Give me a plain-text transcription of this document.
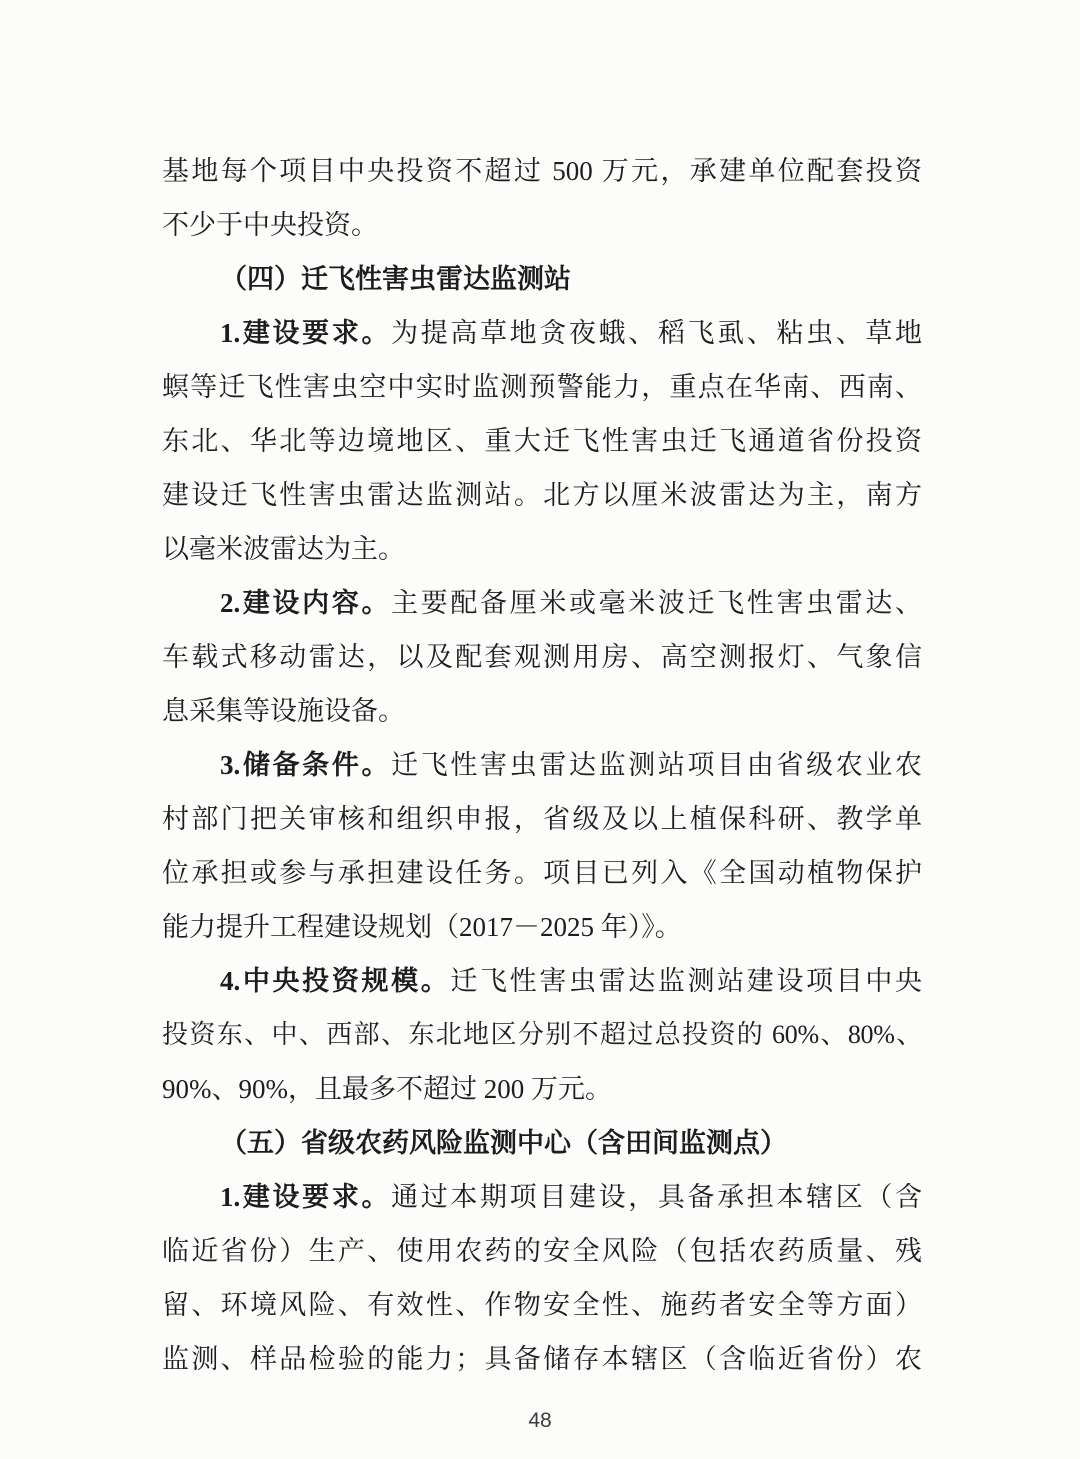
基地每个项目中央投资不超过 500 万元，承建单位配套投资
不少于中央投资。
（四）迁飞性害虫雷达监测站
1.建设要求。为提高草地贪夜蛾、稻飞虱、粘虫、草地
螟等迁飞性害虫空中实时监测预警能力，重点在华南、西南、
东北、华北等边境地区、重大迁飞性害虫迁飞通道省份投资
建设迁飞性害虫雷达监测站。北方以厘米波雷达为主，南方
以毫米波雷达为主。
2.建设内容。主要配备厘米或毫米波迁飞性害虫雷达、
车载式移动雷达，以及配套观测用房、高空测报灯、气象信
息采集等设施设备。
3.储备条件。迁飞性害虫雷达监测站项目由省级农业农
村部门把关审核和组织申报，省级及以上植保科研、教学单
位承担或参与承担建设任务。项目已列入《全国动植物保护
能力提升工程建设规划（2017－2025 年）》。
4.中央投资规模。迁飞性害虫雷达监测站建设项目中央
投资东、中、西部、东北地区分别不超过总投资的 60%、80%、
90%、90%，且最多不超过 200 万元。
（五）省级农药风险监测中心（含田间监测点）
1.建设要求。通过本期项目建设，具备承担本辖区（含
临近省份）生产、使用农药的安全风险（包括农药质量、残
留、环境风险、有效性、作物安全性、施药者安全等方面）
监测、样品检验的能力；具备储存本辖区（含临近省份）农
48
